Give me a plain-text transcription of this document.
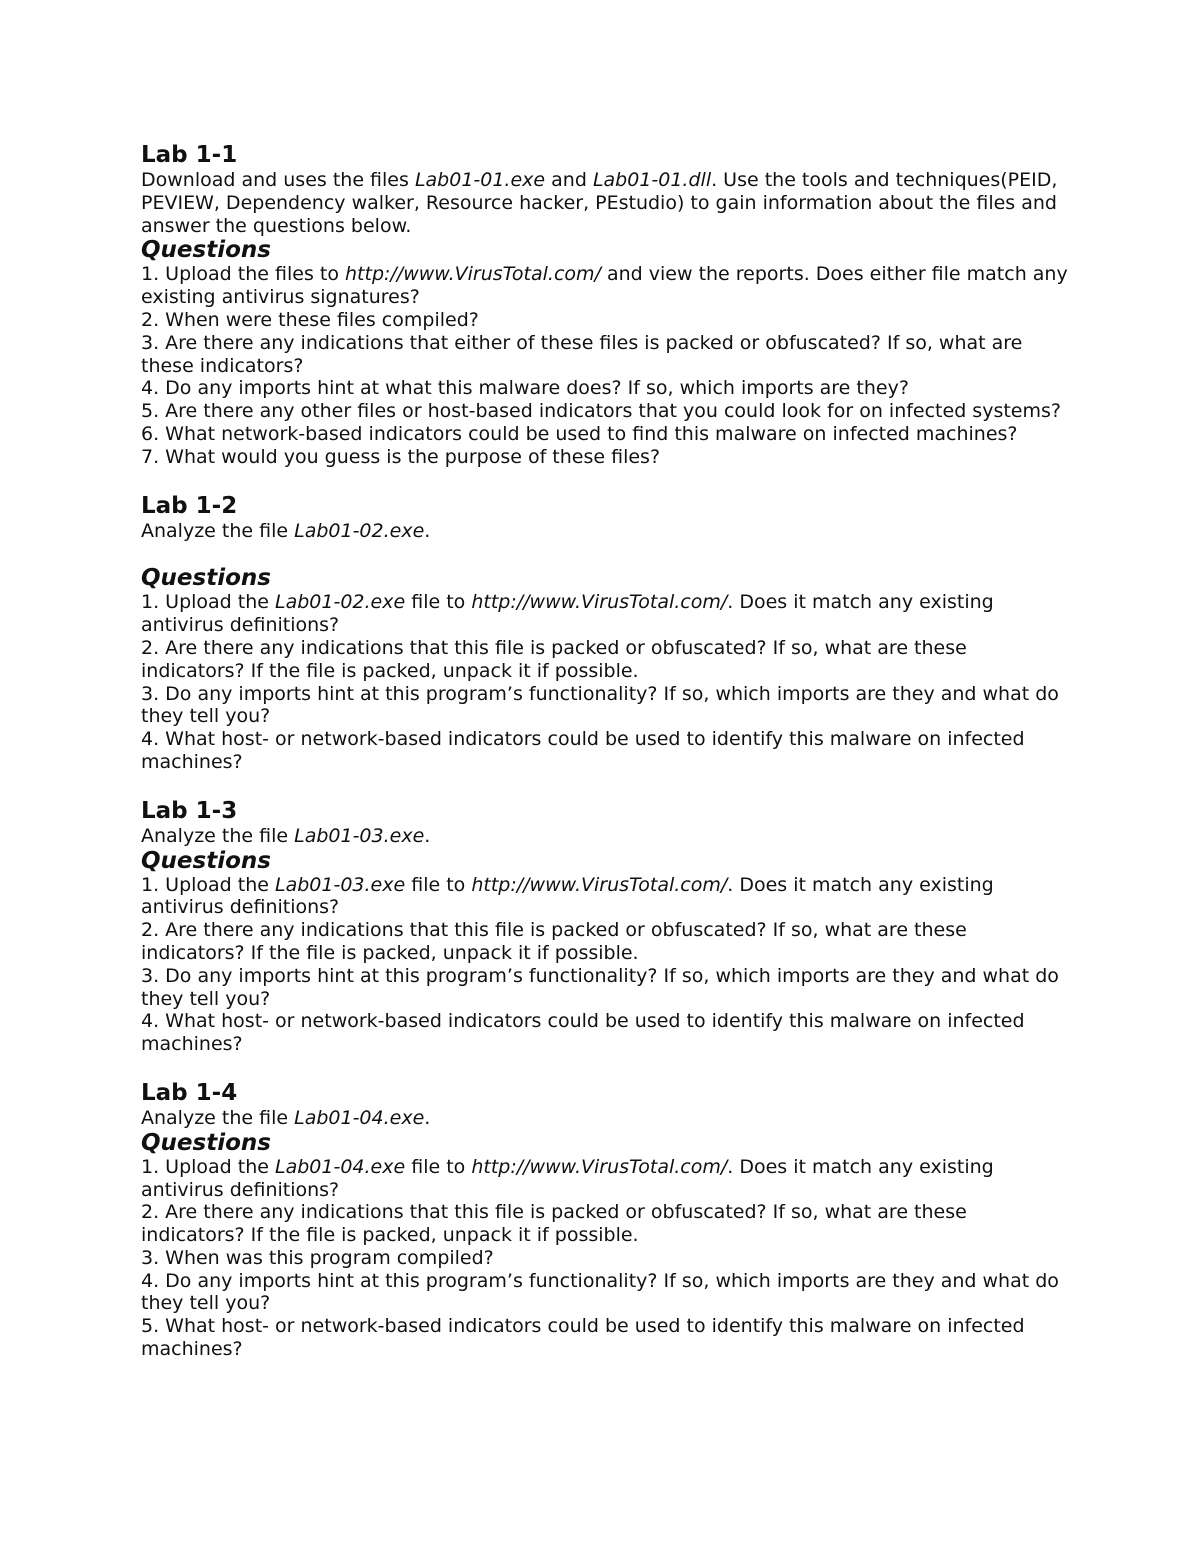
Lab 1-1
Download and uses the files Lab01-01.exe and Lab01-01.dll. Use the tools and techniques(PEID, PEVIEW, Dependency walker, Resource hacker, PEstudio) to gain information about the files and answer the questions below.
Questions
1. Upload the files to http://www.VirusTotal.com/ and view the reports. Does either file match any existing antivirus signatures?
2. When were these files compiled?
3. Are there any indications that either of these files is packed or obfuscated? If so, what are these indicators?
4. Do any imports hint at what this malware does? If so, which imports are they?
5. Are there any other files or host-based indicators that you could look for on infected systems?
6. What network-based indicators could be used to find this malware on infected machines?
7. What would you guess is the purpose of these files?
Lab 1-2
Analyze the file Lab01-02.exe.
Questions
1. Upload the Lab01-02.exe file to http://www.VirusTotal.com/. Does it match any existing antivirus definitions?
2. Are there any indications that this file is packed or obfuscated? If so, what are these indicators? If the file is packed, unpack it if possible.
3. Do any imports hint at this program’s functionality? If so, which imports are they and what do they tell you?
4. What host- or network-based indicators could be used to identify this malware on infected machines?
Lab 1-3
Analyze the file Lab01-03.exe.
Questions
1. Upload the Lab01-03.exe file to http://www.VirusTotal.com/. Does it match any existing antivirus definitions?
2. Are there any indications that this file is packed or obfuscated? If so, what are these indicators? If the file is packed, unpack it if possible.
3. Do any imports hint at this program’s functionality? If so, which imports are they and what do they tell you?
4. What host- or network-based indicators could be used to identify this malware on infected machines?
Lab 1-4
Analyze the file Lab01-04.exe.
Questions
1. Upload the Lab01-04.exe file to http://www.VirusTotal.com/. Does it match any existing antivirus definitions?
2. Are there any indications that this file is packed or obfuscated? If so, what are these indicators? If the file is packed, unpack it if possible.
3. When was this program compiled?
4. Do any imports hint at this program’s functionality? If so, which imports are they and what do they tell you?
5. What host- or network-based indicators could be used to identify this malware on infected machines?
